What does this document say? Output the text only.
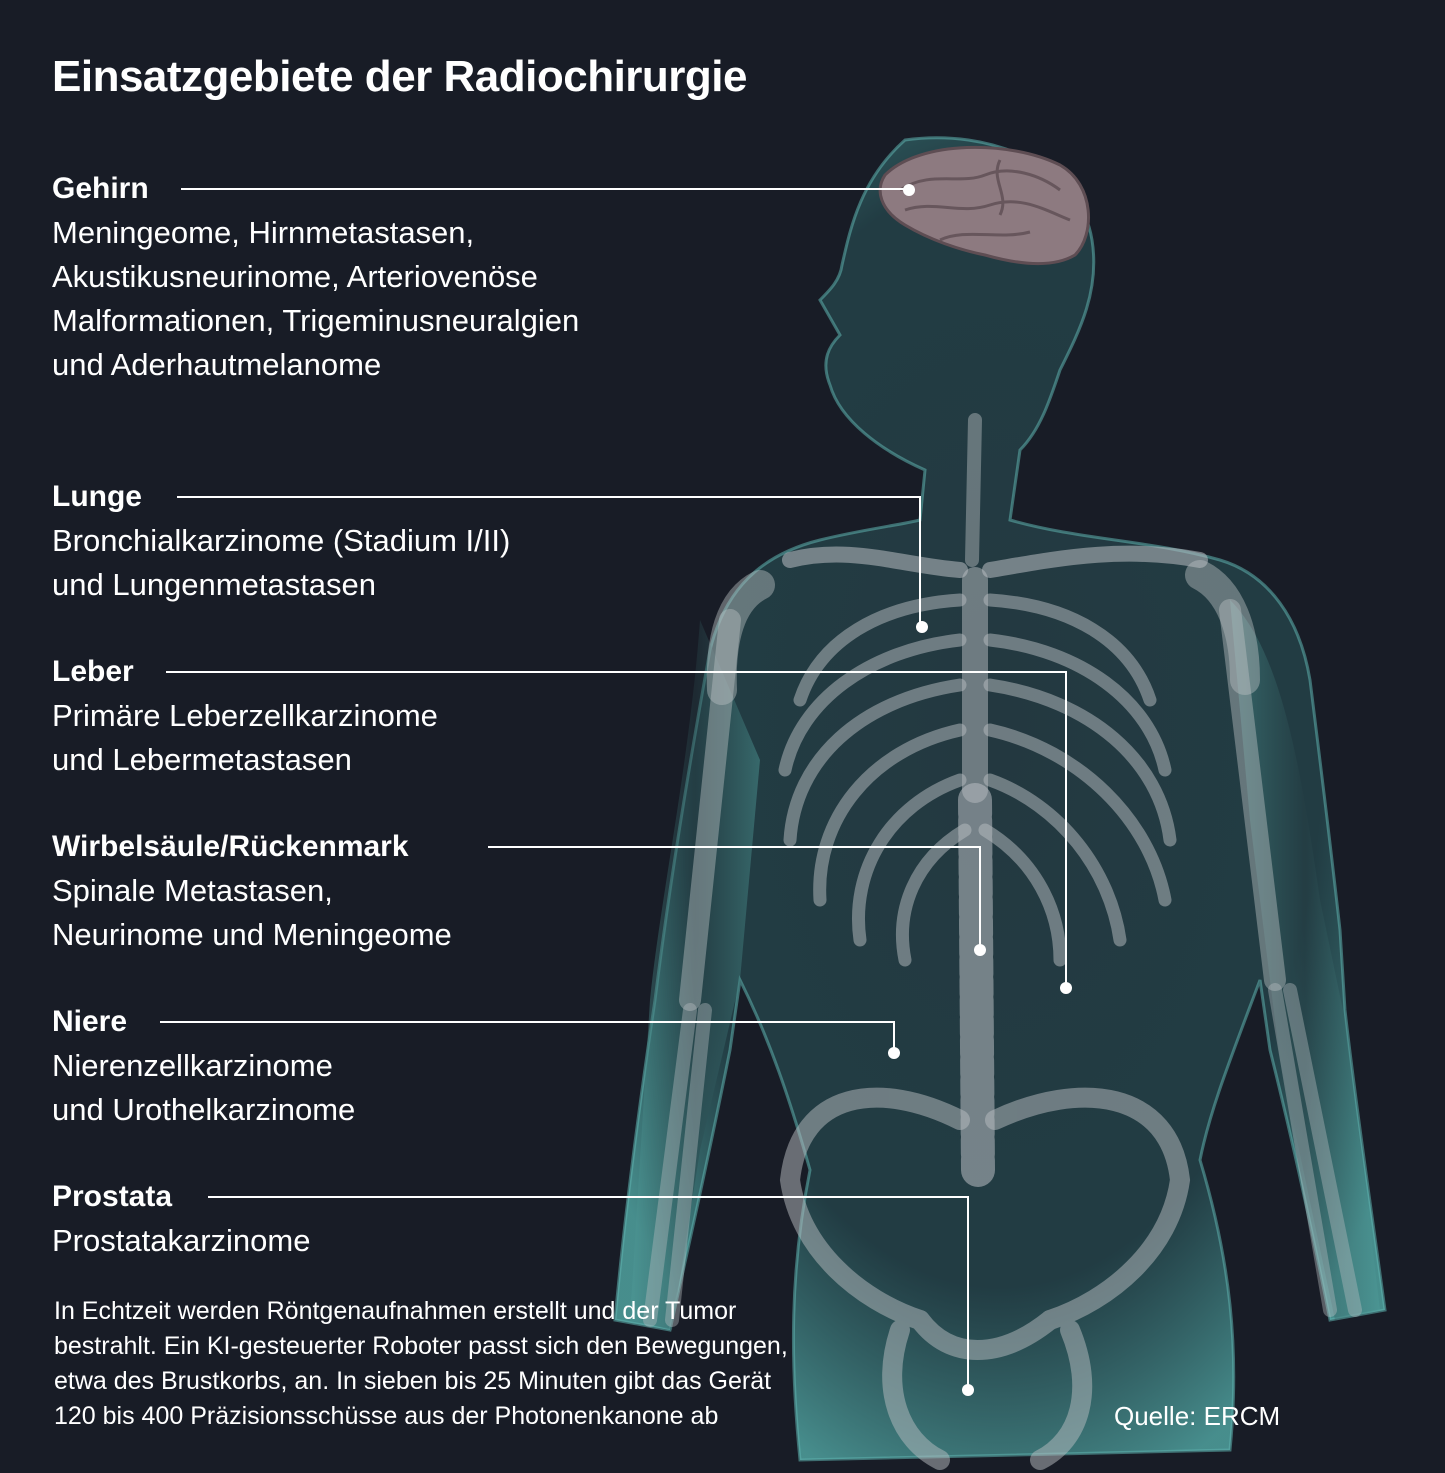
Einsatzgebiete der Radiochirurgie
Gehirn
Meningeome, Hirnmetastasen,
Akustikusneurinome, Arteriovenöse
Malformationen, Trigeminusneuralgien
und Aderhautmelanome
Lunge
Bronchialkarzinome (Stadium I/II)
und Lungenmetastasen
Leber
Primäre Leberzellkarzinome
und Lebermetastasen
Wirbelsäule/Rückenmark
Spinale Metastasen,
Neurinome und Meningeome
Niere
Nierenzellkarzinome
und Urothelkarzinome
Prostata
Prostatakarzinome
In Echtzeit werden Röntgenaufnahmen erstellt und der Tumor
bestrahlt. Ein KI-gesteuerter Roboter passt sich den Bewegungen,
etwa des Brustkorbs, an. In sieben bis 25 Minuten gibt das Gerät
120 bis 400 Präzisionsschüsse aus der Photonenkanone ab	Quelle: ERCM
